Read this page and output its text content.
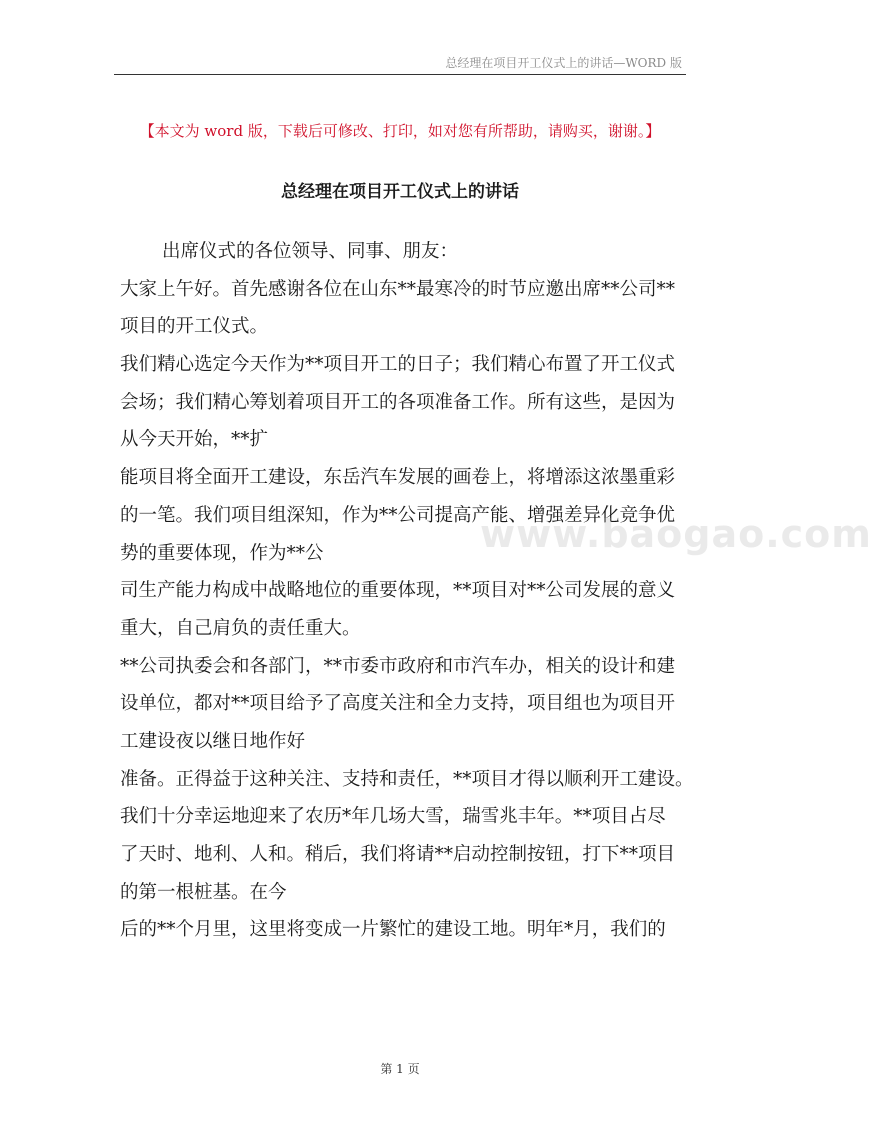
总经理在项目开工仪式上的讲话—WORD 版
【本文为 word 版，下载后可修改、打印，如对您有所帮助，请购买，谢谢。】
总经理在项目开工仪式上的讲话
出席仪式的各位领导、同事、朋友：
大家上午好。首先感谢各位在山东**最寒冷的时节应邀出席**公司**
项目的开工仪式。
我们精心选定今天作为**项目开工的日子；我们精心布置了开工仪式
会场；我们精心筹划着项目开工的各项准备工作。所有这些，是因为
从今天开始，**扩
能项目将全面开工建设，东岳汽车发展的画卷上，将增添这浓墨重彩
的一笔。我们项目组深知，作为**公司提高产能、增强差异化竞争优
势的重要体现，作为**公
司生产能力构成中战略地位的重要体现，**项目对**公司发展的意义
重大，自己肩负的责任重大。
**公司执委会和各部门，**市委市政府和市汽车办，相关的设计和建
设单位，都对**项目给予了高度关注和全力支持，项目组也为项目开
工建设夜以继日地作好
准备。正得益于这种关注、支持和责任，**项目才得以顺利开工建设。
我们十分幸运地迎来了农历*年几场大雪，瑞雪兆丰年。**项目占尽
了天时、地利、人和。稍后，我们将请**启动控制按钮，打下**项目
的第一根桩基。在今
后的**个月里，这里将变成一片繁忙的建设工地。明年*月，我们的
www.baogao.com
第 1 页
